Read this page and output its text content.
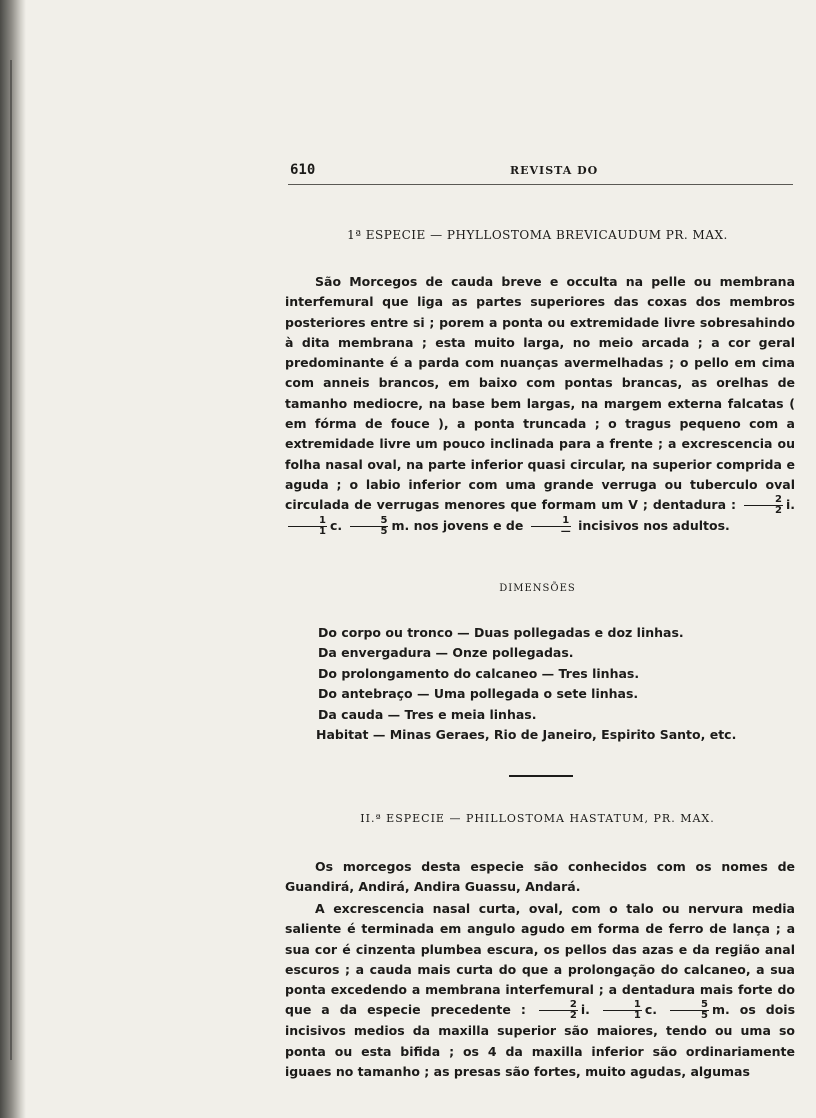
610	REVISTA DO
1ª ESPECIE — PHYLLOSTOMA BREVICAUDUM PR. MAX.

São Morcegos de cauda breve e occulta na pelle ou membrana interfemural que liga as partes superiores das coxas dos membros posteriores entre si ; porem a ponta ou extremidade livre sobresahindo à dita membrana ; esta muito larga, no meio arcada ; a cor geral predominante é a parda com nuanças avermelhadas ; o pello em cima com anneis brancos, em baixo com pontas brancas, as orelhas de tamanho mediocre, na base bem largas, na margem externa falcatas ( em fórma de fouce ), a ponta truncada ; o tragus pequeno com a extremidade livre um pouco inclinada para a frente ; a excrescencia ou folha nasal oval, na parte inferior quasi circular, na superior comprida e aguda ; o labio inferior com uma grande verruga ou tuberculo oval circulada de verrugas menores que formam um V ; dentadura : $\frac{2}{2} i$.
$\frac{1}{1} c$. $\frac{5}{5} m$. nos jovens e de $\frac{1}{—}$ incisivos nos adultos.

DIMENSÕES
Do corpo ou tronco — Duas pollegadas e doz linhas.
Da envergadura — Onze pollegadas.
Do prolongamento do calcaneo — Tres linhas.
Do antebraço — Uma pollegada o sete linhas.
Da cauda — Tres e meia linhas.
Habitat — Minas Geraes, Rio de Janeiro, Espirito Santo, etc.
II.ª ESPECIE — PHILLOSTOMA HASTATUM, PR. MAX.

Os morcegos desta especie são conhecidos com os nomes de Guandirá, Andirá, Andira Guassu, Andará.

A excrescencia nasal curta, oval, com o talo ou nervura media saliente é terminada em angulo agudo em forma de ferro de lança ; a sua cor é cinzenta plumbea escura, os pellos das azas e da região anal escuros ; a cauda mais curta do que a prolongação do calcaneo, a sua ponta excedendo a membrana interfemural ; a dentadura mais forte do que a da especie precedente : $\frac{2}{2} i$. $\frac{1}{1} c$. $\frac{5}{5} m$. os dois incisivos medios da maxilla superior são maiores, tendo ou uma so ponta ou esta bifida ; os 4 da maxilla inferior são ordinariamente iguaes no tamanho ; as presas são fortes, muito agudas, algumas
